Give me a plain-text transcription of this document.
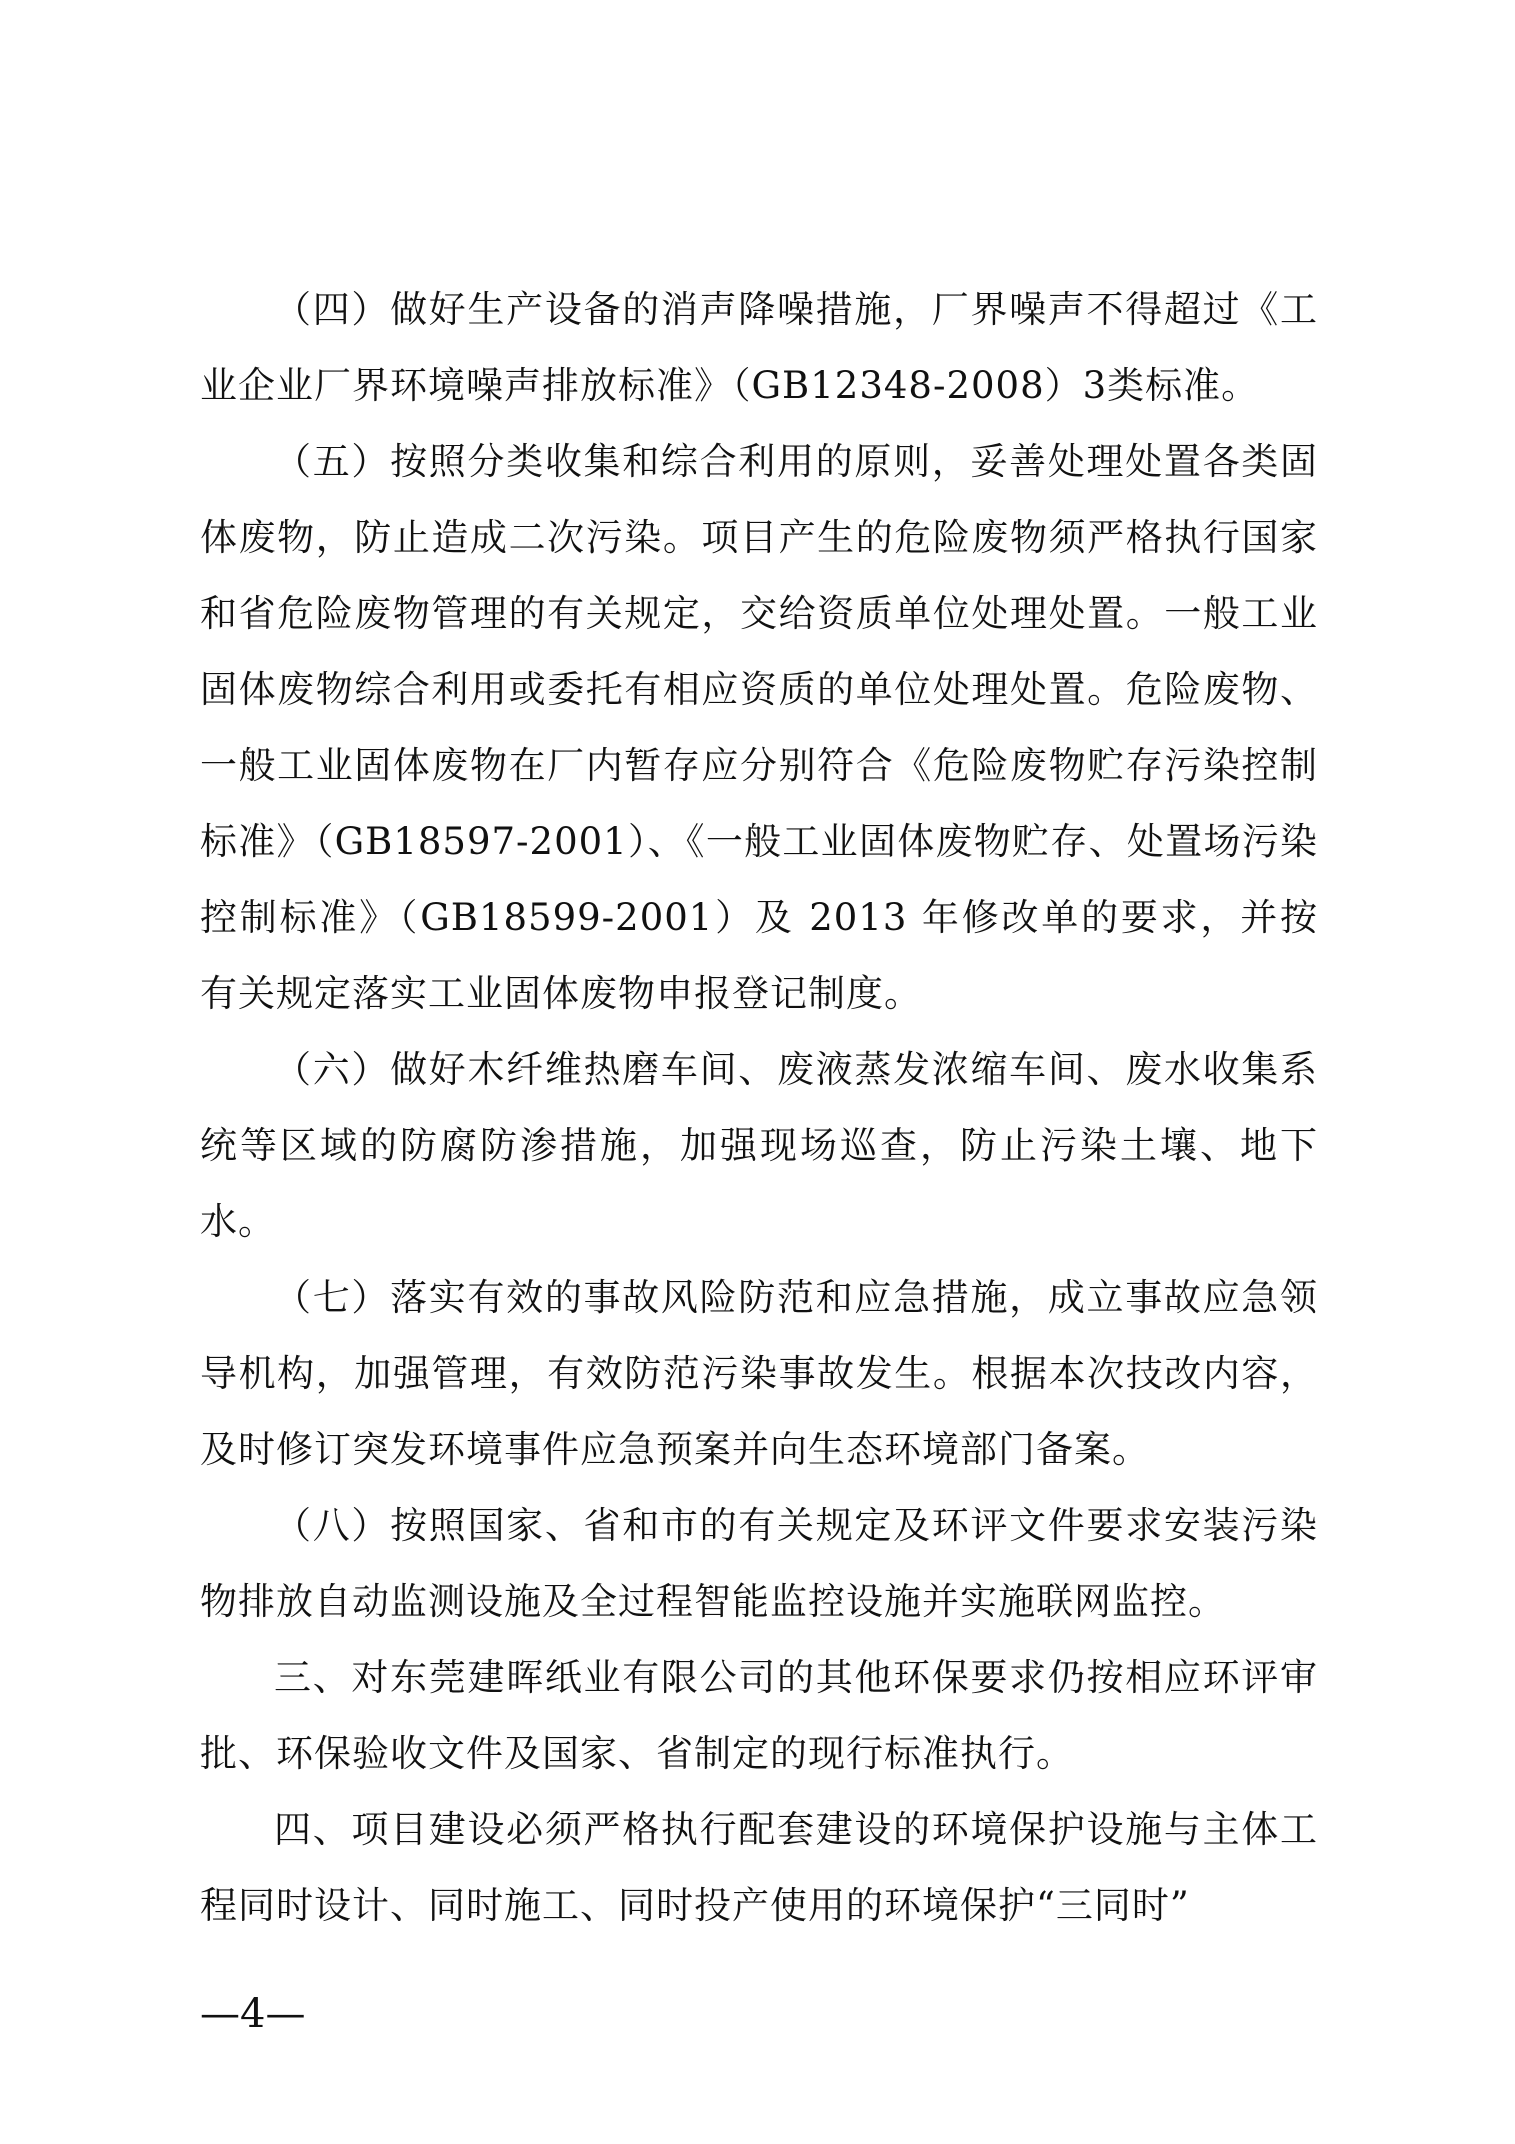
（四）做好生产设备的消声降噪措施，厂界噪声不得超过《工业企业厂界环境噪声排放标准》（GB12348-2008）3类标准。

（五）按照分类收集和综合利用的原则，妥善处理处置各类固体废物，防止造成二次污染。项目产生的危险废物须严格执行国家和省危险废物管理的有关规定，交给资质单位处理处置。一般工业固体废物综合利用或委托有相应资质的单位处理处置。危险废物、一般工业固体废物在厂内暂存应分别符合《危险废物贮存污染控制标准》（GB18597-2001）、《一般工业固体废物贮存、处置场污染控制标准》（GB18599-2001）及 2013 年修改单的要求，并按有关规定落实工业固体废物申报登记制度。

（六）做好木纤维热磨车间、废液蒸发浓缩车间、废水收集系统等区域的防腐防渗措施，加强现场巡查，防止污染土壤、地下水。

（七）落实有效的事故风险防范和应急措施，成立事故应急领导机构，加强管理，有效防范污染事故发生。根据本次技改内容，及时修订突发环境事件应急预案并向生态环境部门备案。

（八）按照国家、省和市的有关规定及环评文件要求安装污染物排放自动监测设施及全过程智能监控设施并实施联网监控。

三、对东莞建晖纸业有限公司的其他环保要求仍按相应环评审批、环保验收文件及国家、省制定的现行标准执行。

四、项目建设必须严格执行配套建设的环境保护设施与主体工程同时设计、同时施工、同时投产使用的环境保护“三同时”

—4—
